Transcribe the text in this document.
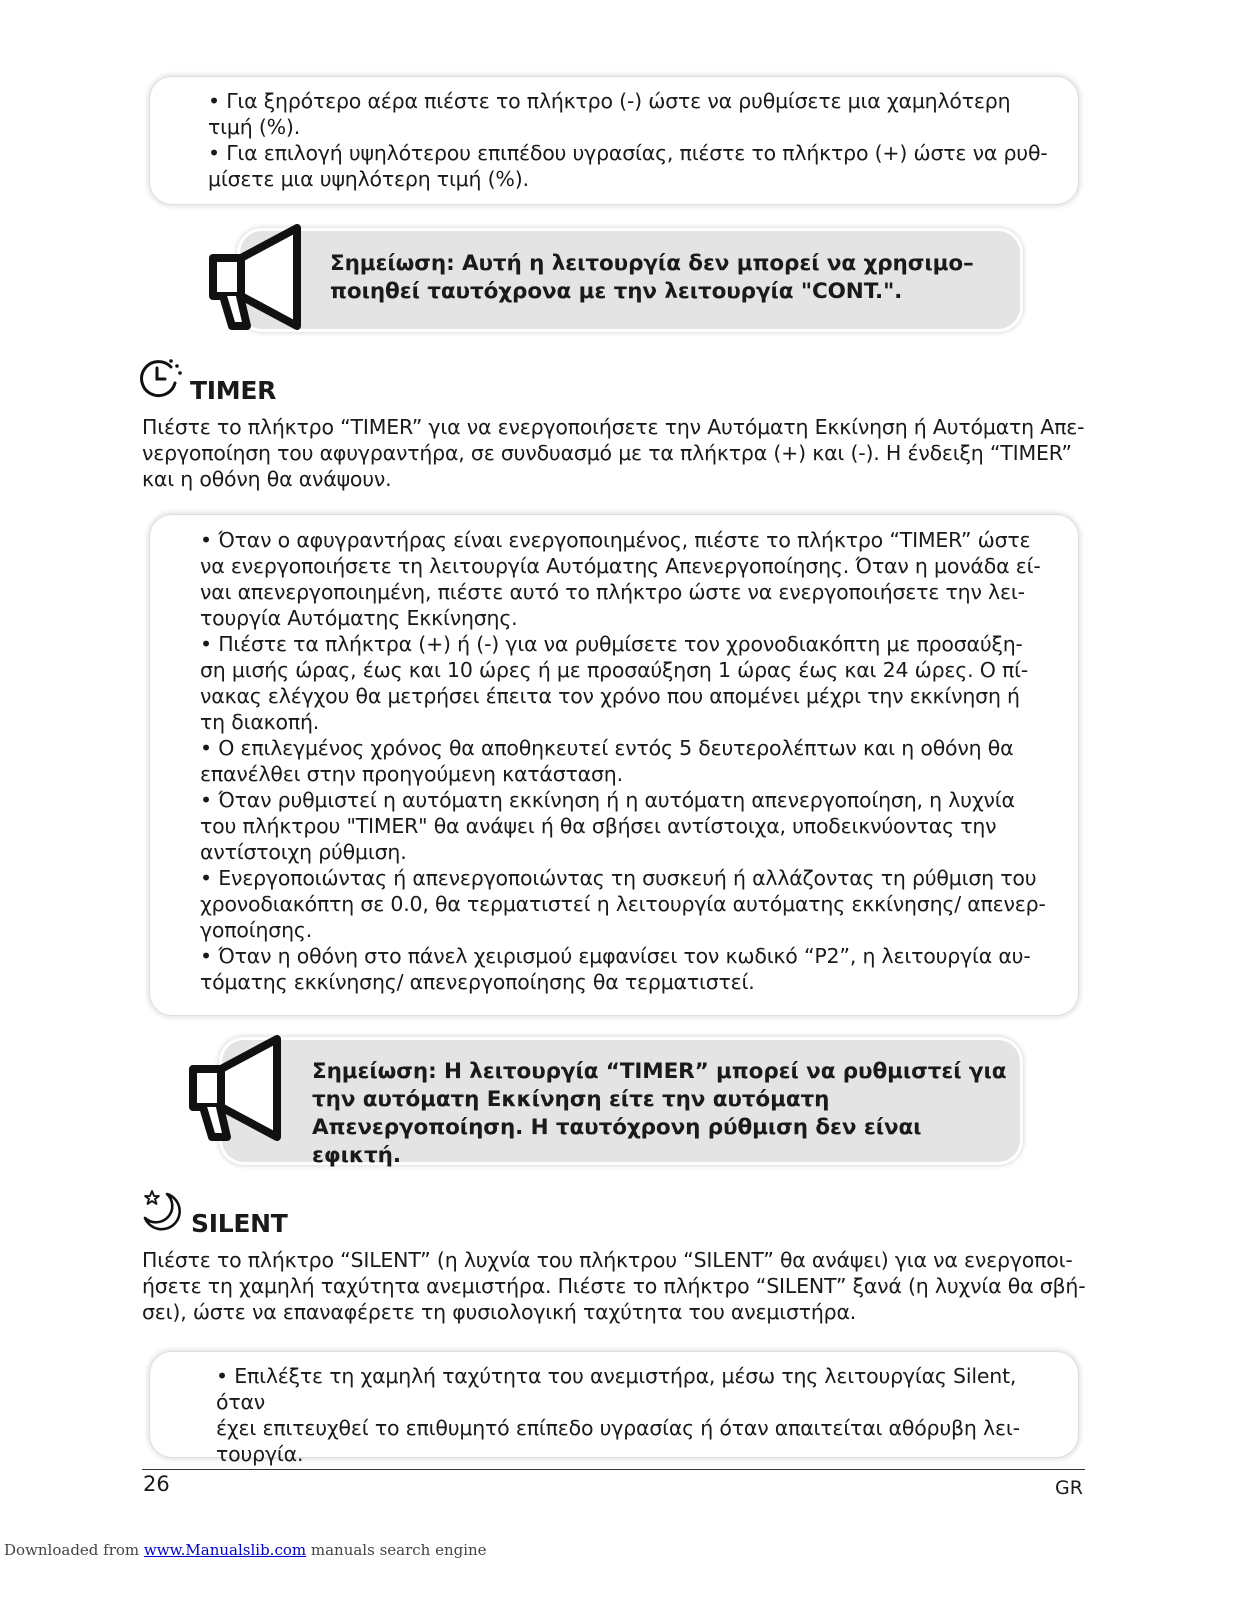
• Για ξηρότερο αέρα πιέστε το πλήκτρο (-) ώστε να ρυθμίσετε μια χαμηλότερη

τιμή (%).

• Για επιλογή υψηλότερου επιπέδου υγρασίας, πιέστε το πλήκτρο (+) ώστε να ρυθ-

μίσετε μια υψηλότερη τιμή (%).

Σημείωση: Αυτή η λειτουργία δεν μπορεί να χρησιμο–

ποιηθεί ταυτόχρονα με την λειτουργία "CONT.".

TIMER
Πιέστε το πλήκτρο “TIMER” για να ενεργοποιήσετε την Αυτόματη Εκκίνηση ή Αυτόματη Απε-
νεργοποίηση του αφυγραντήρα, σε συνδυασμό με τα πλήκτρα (+) και (-). Η ένδειξη “TIMER”
και η οθόνη θα ανάψουν.

• Όταν ο αφυγραντήρας είναι ενεργοποιημένος, πιέστε το πλήκτρο “TIMER” ώστε

να ενεργοποιήσετε τη λειτουργία Αυτόματης Απενεργοποίησης. Όταν η μονάδα εί-

ναι απενεργοποιημένη, πιέστε αυτό το πλήκτρο ώστε να ενεργοποιήσετε την λει-

τουργία Αυτόματης Εκκίνησης.

• Πιέστε τα πλήκτρα (+) ή (-) για να ρυθμίσετε τον χρονοδιακόπτη με προσαύξη-

ση μισής ώρας, έως και 10 ώρες ή με προσαύξηση 1 ώρας έως και 24 ώρες. Ο πί-

νακας ελέγχου θα μετρήσει έπειτα τον χρόνο που απομένει μέχρι την εκκίνηση ή

τη διακοπή.

• Ο επιλεγμένος χρόνος θα αποθηκευτεί εντός 5 δευτερολέπτων και η οθόνη θα

επανέλθει στην προηγούμενη κατάσταση.

• Όταν ρυθμιστεί η αυτόματη εκκίνηση ή η αυτόματη απενεργοποίηση, η λυχνία

του πλήκτρου "TIMER" θα ανάψει ή θα σβήσει αντίστοιχα, υποδεικνύοντας την

αντίστοιχη ρύθμιση.

• Ενεργοποιώντας ή απενεργοποιώντας τη συσκευή ή αλλάζοντας τη ρύθμιση του

χρονοδιακόπτη σε 0.0, θα τερματιστεί η λειτουργία αυτόματης εκκίνησης/ απενερ-

γοποίησης.

• Όταν η οθόνη στο πάνελ χειρισμού εμφανίσει τον κωδικό “P2”, η λειτουργία αυ-

τόματης εκκίνησης/ απενεργοποίησης θα τερματιστεί.

Σημείωση: Η λειτουργία “TIMER” μπορεί να ρυθμιστεί για

την αυτόματη Εκκίνηση είτε την αυτόματη

Απενεργοποίηση. Η ταυτόχρονη ρύθμιση δεν είναι εφικτή.

SILENT
Πιέστε το πλήκτρο “SILENT” (η λυχνία του πλήκτρου “SILENT” θα ανάψει) για να ενεργοποι-
ήσετε τη χαμηλή ταχύτητα ανεμιστήρα. Πιέστε το πλήκτρο “SILENT” ξανά (η λυχνία θα σβή-
σει), ώστε να επαναφέρετε τη φυσιολογική ταχύτητα του ανεμιστήρα.

• Επιλέξτε τη χαμηλή ταχύτητα του ανεμιστήρα, μέσω της λειτουργίας Silent, όταν

έχει επιτευχθεί το επιθυμητό επίπεδο υγρασίας ή όταν απαιτείται αθόρυβη λει-

τουργία.

26	GR
Downloaded from www.Manualslib.com manuals search engine
